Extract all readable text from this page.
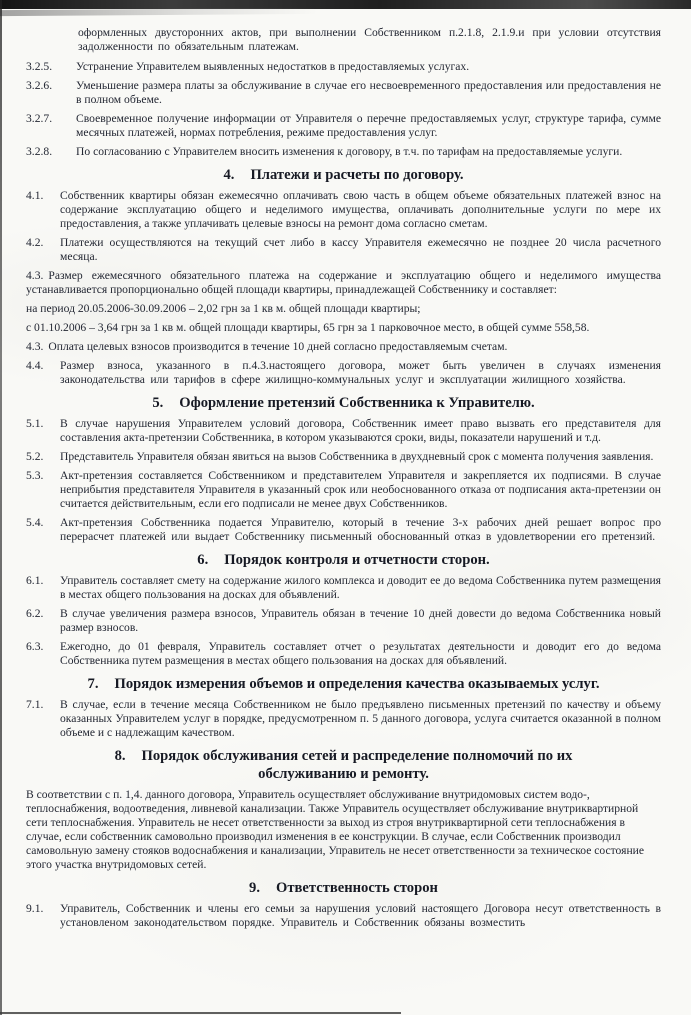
оформленных двусторонних актов, при выполнении Собственником п.2.1.8, 2.1.9.и при условии отсутствия задолженности по обязательным платежам.

3.2.5.	Устранение Управителем выявленных недостатков в предоставляемых услугах.
3.2.6.	Уменьшение размера платы за обслуживание в случае его несвоевременного предоставления или предоставления не в полном объеме.
3.2.7.	Своевременное получение информации от Управителя о перечне предоставляемых услуг, структуре тарифа, сумме месячных платежей, нормах потребления, режиме предоставления услуг.
3.2.8.	По согласованию с Управителем вносить изменения к договору, в т.ч. по тарифам на предоставляемые услуги.
4. Платежи и расчеты по договору.
4.1.	Собственник квартиры обязан ежемесячно оплачивать свою часть в общем объеме обязательных платежей взнос на содержание эксплуатацию общего и неделимого имущества, оплачивать дополнительные услуги по мере их предоставления, а также уплачивать целевые взносы на ремонт дома согласно сметам.
4.2.	Платежи осуществляются на текущий счет либо в кассу Управителя ежемесячно не позднее 20 числа расчетного месяца.

4.3. Размер ежемесячного обязательного платежа на содержание и эксплуатацию общего и неделимого имущества устанавливается пропорционально общей площади квартиры, принадлежащей Собственнику и составляет:

на период 20.05.2006-30.09.2006 – 2,02 грн за 1 кв м. общей площади квартиры;

с 01.10.2006 – 3,64 грн за 1 кв м. общей площади квартиры, 65 грн за 1 парковочное место, в общей сумме 558,58.

4.3. Оплата целевых взносов производится в течение 10 дней согласно предоставляемым счетам.

4.4.	Размер взноса, указанного в п.4.3.настоящего договора, может быть увеличен в случаях изменения законодательства или тарифов в сфере жилищно-коммунальных услуг и эксплуатации жилищного хозяйства.
5. Оформление претензий Собственника к Управителю.
5.1.	В случае нарушения Управителем условий договора, Собственник имеет право вызвать его представителя для составления акта-претензии Собственника, в котором указываются сроки, виды, показатели нарушений и т.д.
5.2.	Представитель Управителя обязан явиться на вызов Собственника в двухдневный срок с момента получения заявления.
5.3.	Акт-претензия составляется Собственником и представителем Управителя и закрепляется их подписями. В случае неприбытия представителя Управителя в указанный срок или необоснованного отказа от подписания акта-претензии он считается действительным, если его подписали не менее двух Собственников.
5.4.	Акт-претензия Собственника подается Управителю, который в течение 3-х рабочих дней решает вопрос про перерасчет платежей или выдает Собственнику письменный обоснованный отказ в удовлетворении его претензий.
6. Порядок контроля и отчетности сторон.
6.1.	Управитель составляет смету на содержание жилого комплекса и доводит ее до ведома Собственника путем размещения в местах общего пользования на досках для объявлений.
6.2.	В случае увеличения размера взносов, Управитель обязан в течение 10 дней довести до ведома Собственника новый размер взносов.
6.3.	Ежегодно, до 01 февраля, Управитель составляет отчет о результатах деятельности и доводит его до ведома Собственника путем размещения в местах общего пользования на досках для объявлений.
7. Порядок измерения объемов и определения качества оказываемых услуг.
7.1.	В случае, если в течение месяца Собственником не было предъявлено письменных претензий по качеству и объему оказанных Управителем услуг в порядке, предусмотренном п. 5 данного договора, услуга считается оказанной в полном объеме и с надлежащим качеством.
8. Порядок обслуживания сетей и распределение полномочий по их обслуживанию и ремонту.

В соответствии с п. 1,4. данного договора, Управитель осуществляет обслуживание внутридомовых систем водо-, теплоснабжения, водоотведения, ливневой канализации. Также Управитель осуществляет обслуживание внутриквартирной сети теплоснабжения. Управитель не несет ответственности за выход из строя внутриквартирной сети теплоснабжения в случае, если собственник самовольно производил изменения в ее конструкции. В случае, если Собственник производил самовольную замену стояков водоснабжения и канализации, Управитель не несет ответственности за техническое состояние этого участка внутридомовых сетей.

9. Ответственность сторон
9.1.	Управитель, Собственник и члены его семьи за нарушения условий настоящего Договора несут ответственность в установленом законодательством порядке. Управитель и Собственник обязаны возместить
